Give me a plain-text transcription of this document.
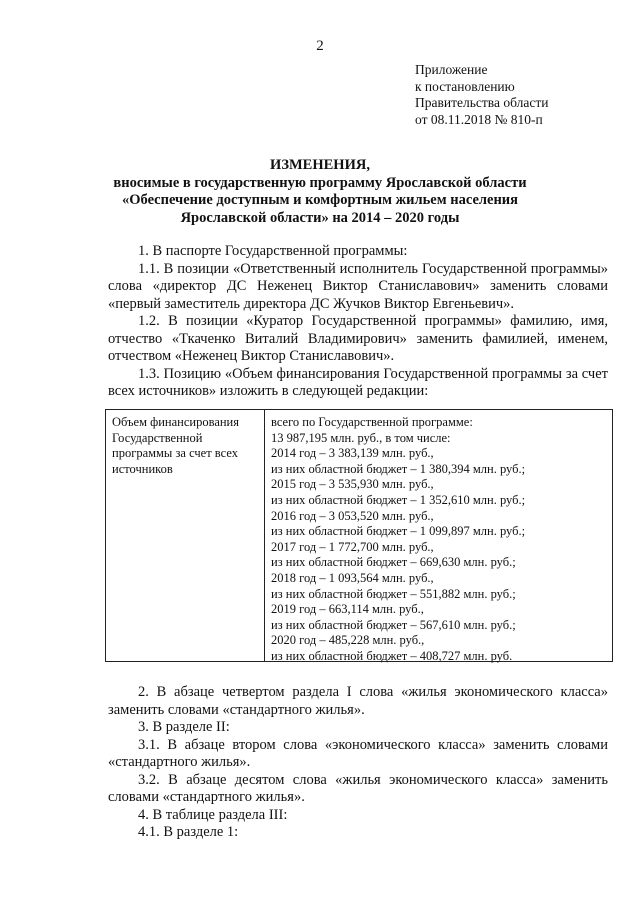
2
Приложение
к постановлению
Правительства области
от 08.11.2018 № 810-п
ИЗМЕНЕНИЯ,
вносимые в государственную программу Ярославской области
«Обеспечение доступным и комфортным жильем населения
Ярославской области» на 2014 – 2020 годы
1. В паспорте Государственной программы:
1.1. В позиции «Ответственный исполнитель Государственной программы» слова «директор ДС Неженец Виктор Станиславович» заменить словами «первый заместитель директора ДС Жучков Виктор Евгеньевич».
1.2. В позиции «Куратор Государственной программы» фамилию, имя, отчество «Ткаченко Виталий Владимирович» заменить фамилией, именем, отчеством «Неженец Виктор Станиславович».
1.3. Позицию «Объем финансирования Государственной программы за счет всех источников» изложить в следующей редакции:
Объем финансирования Государственной программы за счет всех источников
всего по Государственной программе:
13 987,195 млн. руб., в том числе:
2014 год – 3 383,139 млн. руб.,
из них областной бюджет – 1 380,394 млн. руб.;
2015 год – 3 535,930 млн. руб.,
из них областной бюджет – 1 352,610 млн. руб.;
2016 год – 3 053,520 млн. руб.,
из них областной бюджет – 1 099,897 млн. руб.;
2017 год – 1 772,700 млн. руб.,
из них областной бюджет – 669,630 млн. руб.;
2018 год – 1 093,564 млн. руб.,
из них областной бюджет – 551,882 млн. руб.;
2019 год – 663,114 млн. руб.,
из них областной бюджет – 567,610 млн. руб.;
2020 год – 485,228 млн. руб.,
из них областной бюджет – 408,727 млн. руб.
2. В абзаце четвертом раздела I слова «жилья экономического класса» заменить словами «стандартного жилья».
3. В разделе II:
3.1. В абзаце втором слова «экономического класса» заменить словами «стандартного жилья».
3.2. В абзаце десятом слова «жилья экономического класса» заменить словами «стандартного жилья».
4. В таблице раздела III:
4.1. В разделе 1:
